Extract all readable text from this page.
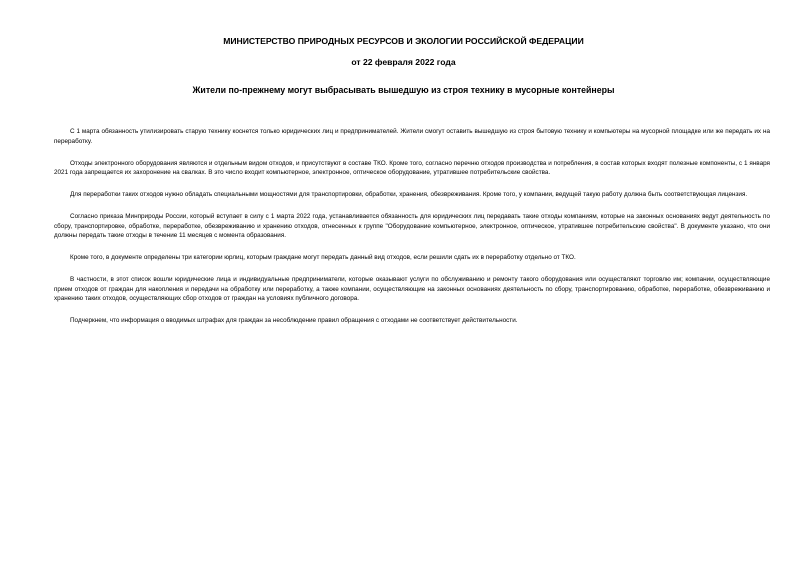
МИНИСТЕРСТВО ПРИРОДНЫХ РЕСУРСОВ И ЭКОЛОГИИ РОССИЙСКОЙ ФЕДЕРАЦИИ
от 22 февраля 2022 года
Жители по-прежнему могут выбрасывать вышедшую из строя технику в мусорные контейнеры

С 1 марта обязанность утилизировать старую технику коснется только юридических лиц и предпринимателей. Жители смогут оставить вышедшую из строя бытовую технику и компьютеры на мусорной площадке или же передать их на переработку.

Отходы электронного оборудования являются и отдельным видом отходов, и присутствуют в составе ТКО. Кроме того, согласно перечню отходов производства и потребления, в состав которых входят полезные компоненты, с 1 января 2021 года запрещается их захоронение на свалках. В это число входит компьютерное, электронное, оптическое оборудование, утратившее потребительские свойства.

Для переработки таких отходов нужно обладать специальными мощностями для транспортировки, обработки, хранения, обезвреживания. Кроме того, у компании, ведущей такую работу должна быть соответствующая лицензия.

Согласно приказа Минприроды России, который вступает в силу с 1 марта 2022 года, устанавливается обязанность для юридических лиц передавать такие отходы компаниям, которые на законных основаниях ведут деятельность по сбору, транспортировке, обработке, переработке, обезвреживанию и хранению отходов, отнесенных к группе "Оборудование компьютерное, электронное, оптическое, утратившее потребительские свойства". В документе указано, что они должны передать такие отходы в течение 11 месяцев с момента образования.

Кроме того, в документе определены три категории юрлиц, которым граждане могут передать данный вид отходов, если решили сдать их в переработку отдельно от ТКО.

В частности, в этот список вошли юридические лица и индивидуальные предприниматели, которые оказывают услуги по обслуживанию и ремонту такого оборудования или осуществляют торговлю им; компании, осуществляющие прием отходов от граждан для накопления и передачи на обработку или переработку, а также компании, осуществляющие на законных основаниях деятельность по сбору, транспортированию, обработке, переработке, обезвреживанию и хранению таких отходов, осуществляющих сбор отходов от граждан на условиях публичного договора.

Подчеркнем, что информация о вводимых штрафах для граждан за несоблюдение правил обращения с отходами не соответствует действительности.
